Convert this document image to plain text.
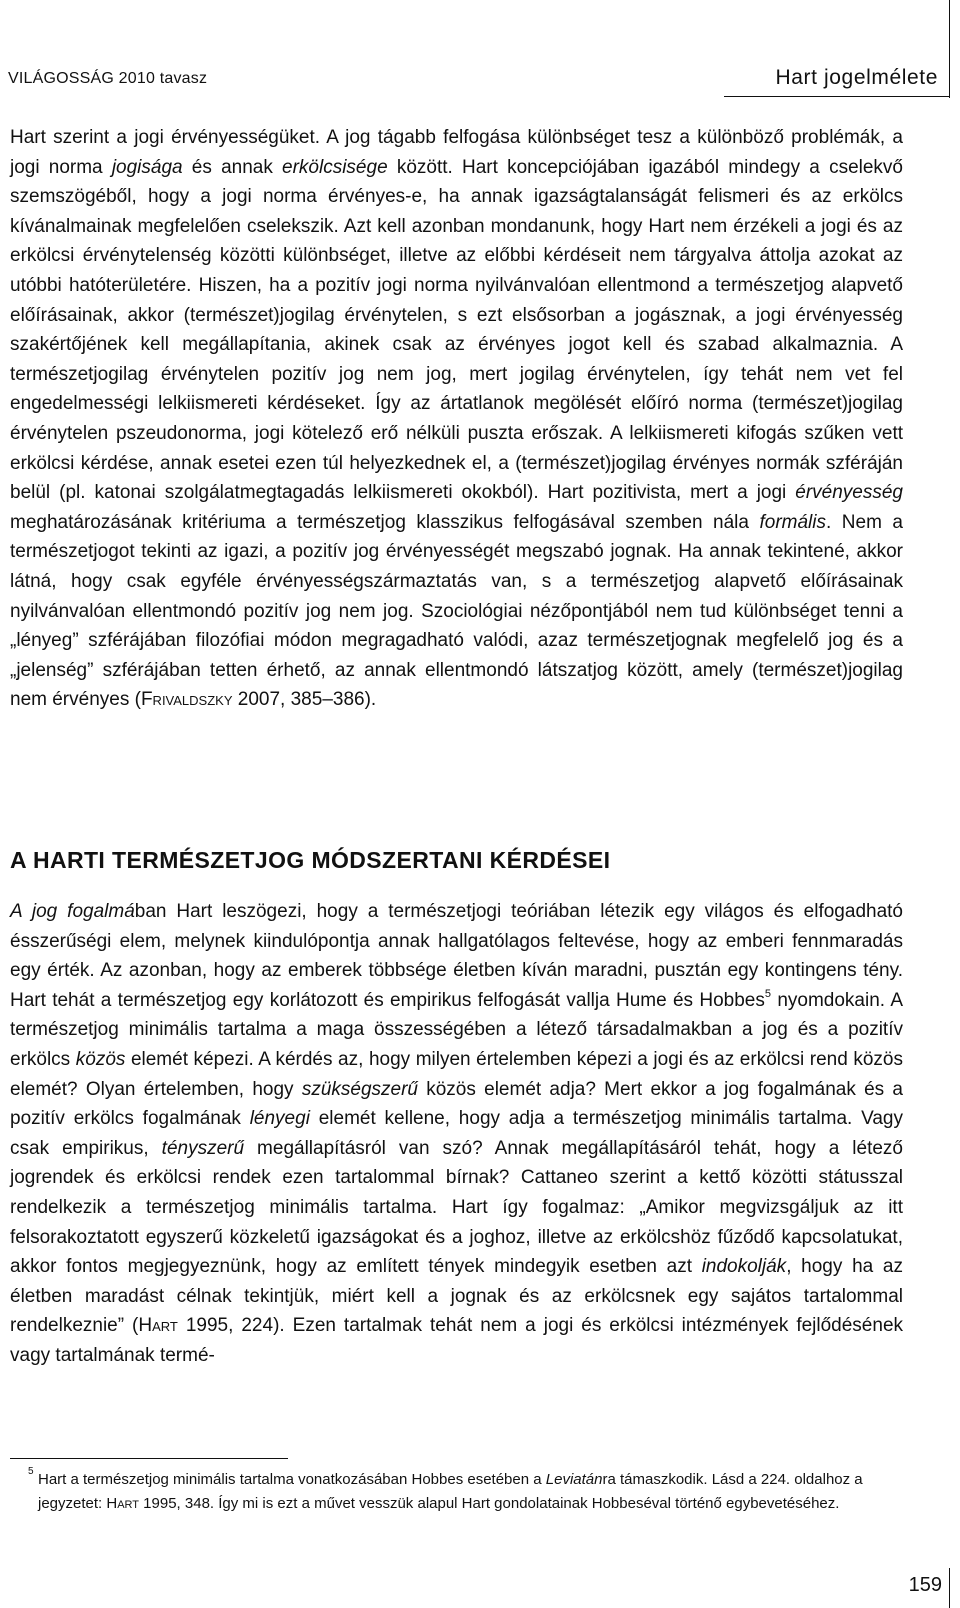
VILÁGOSSÁG 2010 tavasz	Hart jogelmélete

Hart szerint a jogi érvényességüket. A jog tágabb felfogása különbséget tesz a különböző problémák, a jogi norma jogisága és annak erkölcsisége között. Hart koncepciójában igazából mindegy a cselekvő szemszögéből, hogy a jogi norma érvényes-e, ha annak igazságtalanságát felismeri és az erkölcs kívánalmainak megfelelően cselekszik. Azt kell azonban mondanunk, hogy Hart nem érzékeli a jogi és az erkölcsi érvénytelenség közötti különbséget, illetve az előbbi kérdéseit nem tárgyalva áttolja azokat az utóbbi hatóterületére. Hiszen, ha a pozitív jogi norma nyilvánvalóan ellentmond a természetjog alapvető előírásainak, akkor (természet)jogilag érvénytelen, s ezt elsősorban a jogásznak, a jogi érvényesség szakértőjének kell megállapítania, akinek csak az érvényes jogot kell és szabad alkalmaznia. A természetjogilag érvénytelen pozitív jog nem jog, mert jogilag érvénytelen, így tehát nem vet fel engedelmességi lelkiismereti kérdéseket. Így az ártatlanok megölését előíró norma (természet)jogilag érvénytelen pszeudonorma, jogi kötelező erő nélküli puszta erőszak. A lelkiismereti kifogás szűken vett erkölcsi kérdése, annak esetei ezen túl helyezkednek el, a (természet)jogilag érvényes normák szféráján belül (pl. katonai szolgálatmegtagadás lelkiismereti okokból). Hart pozitivista, mert a jogi érvényesség meghatározásának kritériuma a természetjog klasszikus felfogásával szemben nála formális. Nem a természetjogot tekinti az igazi, a pozitív jog érvényességét megszabó jognak. Ha annak tekintené, akkor látná, hogy csak egyféle érvényességszármaztatás van, s a természetjog alapvető előírásainak nyilvánvalóan ellentmondó pozitív jog nem jog. Szociológiai nézőpontjából nem tud különbséget tenni a „lényeg” szférájában filozófiai módon megragadható valódi, azaz természetjognak megfelelő jog és a „jelenség” szférájában tetten érhető, az annak ellentmondó látszatjog között, amely (természet)jogilag nem érvényes (Frivaldszky 2007, 385–386).

A HARTI TERMÉSZETJOG MÓDSZERTANI KÉRDÉSEI

A jog fogalmában Hart leszögezi, hogy a természetjogi teóriában létezik egy világos és elfogadható ésszerűségi elem, melynek kiindulópontja annak hallgatólagos feltevése, hogy az emberi fennmaradás egy érték. Az azonban, hogy az emberek többsége életben kíván maradni, pusztán egy kontingens tény. Hart tehát a természetjog egy korlátozott és empirikus felfogását vallja Hume és Hobbes$^5$ nyomdokain. A természetjog minimális tartalma a maga összességében a létező társadalmakban a jog és a pozitív erkölcs közös elemét képezi. A kérdés az, hogy milyen értelemben képezi a jogi és az erkölcsi rend közös elemét? Olyan értelemben, hogy szükségszerű közös elemét adja? Mert ekkor a jog fogalmának és a pozitív erkölcs fogalmának lényegi elemét kellene, hogy adja a természetjog minimális tartalma. Vagy csak empirikus, tényszerű megállapításról van szó? Annak megállapításáról tehát, hogy a létező jogrendek és erkölcsi rendek ezen tartalommal bírnak? Cattaneo szerint a kettő közötti státusszal rendelkezik a természetjog minimális tartalma. Hart így fogalmaz: „Amikor megvizsgáljuk az itt felsorakoztatott egyszerű közkeletű igazságokat és a joghoz, illetve az erkölcshöz fűződő kapcsolatukat, akkor fontos megjegyeznünk, hogy az említett tények mindegyik esetben azt indokolják, hogy ha az életben maradást célnak tekintjük, miért kell a jognak és az erkölcsnek egy sajátos tartalommal rendelkeznie” (Hart 1995, 224). Ezen tartalmak tehát nem a jogi és erkölcsi intézmények fejlődésének vagy tartalmának termé-

5 Hart a természetjog minimális tartalma vonatkozásában Hobbes esetében a Leviatánra támaszkodik. Lásd a 224. oldalhoz a jegyzetet: Hart 1995, 348. Így mi is ezt a művet vesszük alapul Hart gondolatainak Hobbeséval történő egybevetéséhez.
159
